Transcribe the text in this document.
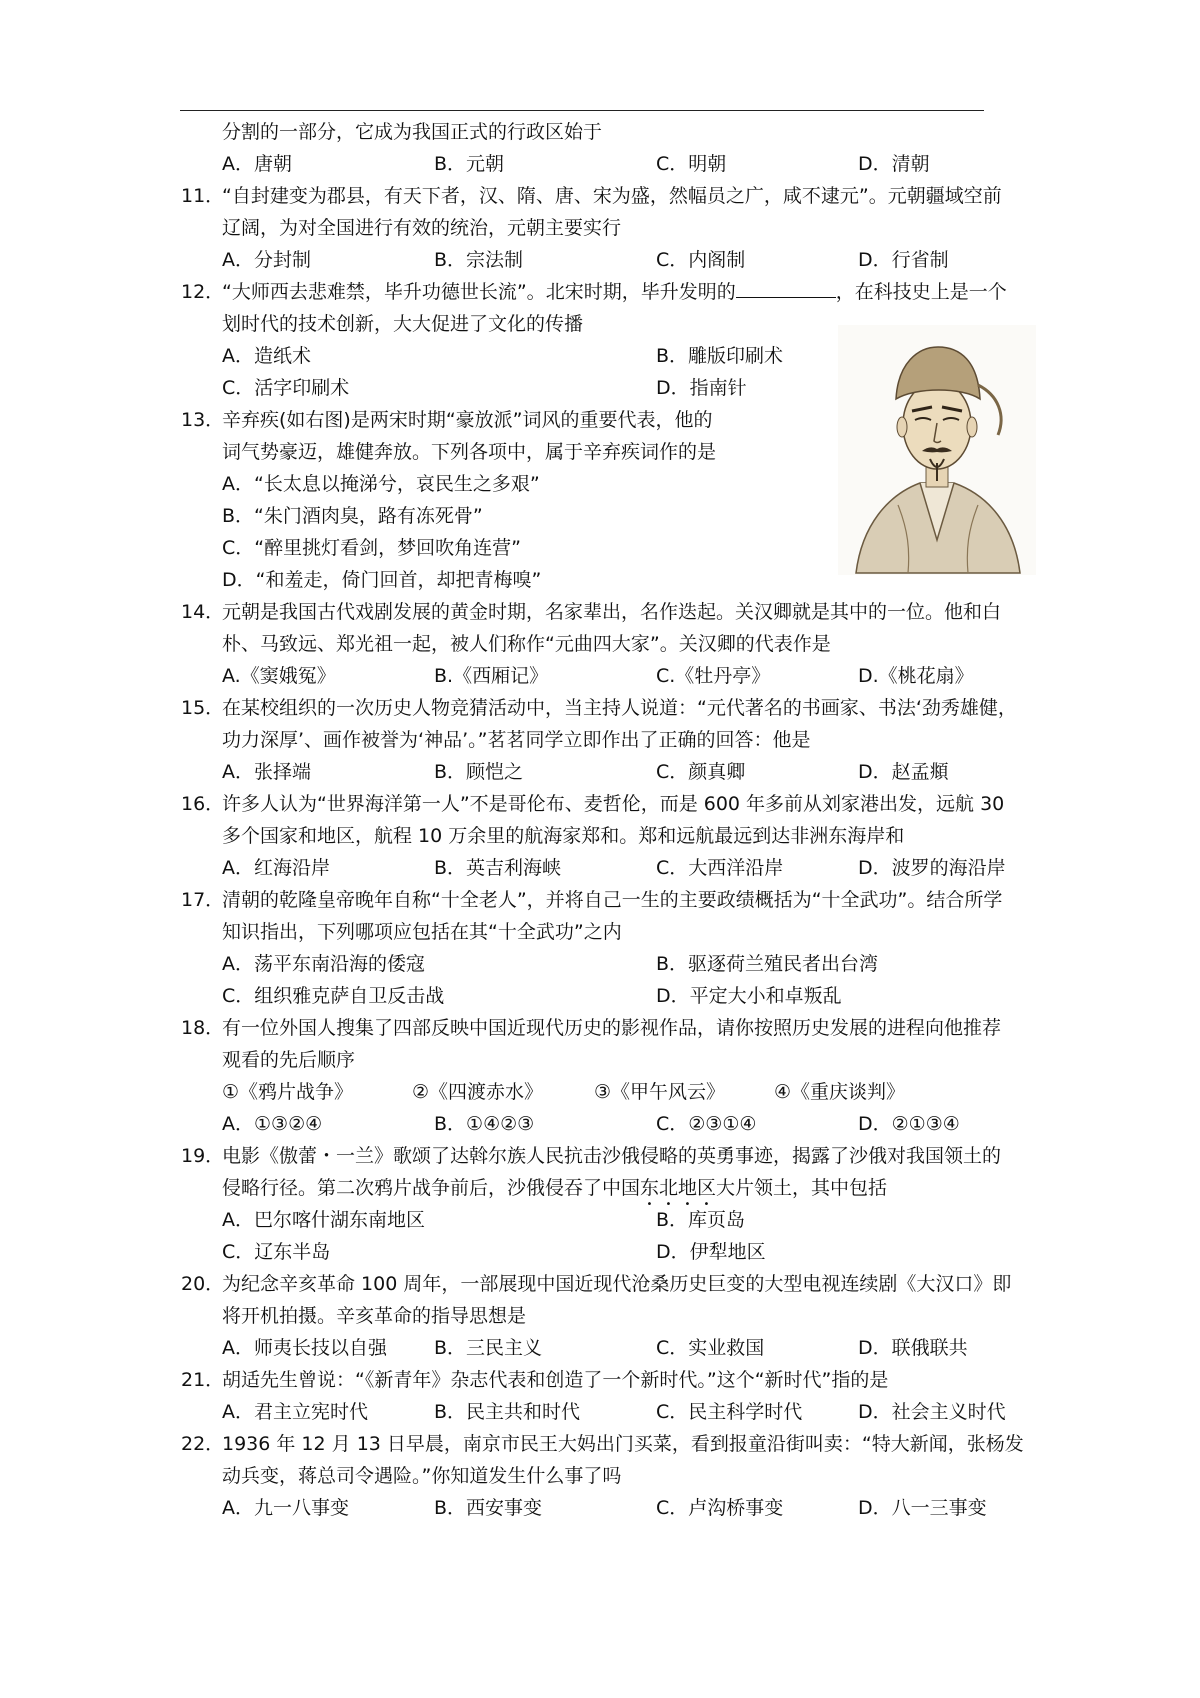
分割的一部分，它成为我国正式的行政区始于
A．唐朝	B．元朝	C．明朝	D．清朝
11．
“自封建变为郡县，有天下者，汉、隋、唐、宋为盛，然幅员之广，咸不逮元”。元朝疆域空前
辽阔，为对全国进行有效的统治，元朝主要实行
A．分封制	B．宗法制	C．内阁制	D．行省制
12．
“大师西去悲难禁，毕升功德世长流”。北宋时期，毕升发明的	，在科技史上是一个
划时代的技术创新，大大促进了文化的传播
A．造纸术	B．雕版印刷术
C．活字印刷术	D．指南针
13．
辛弃疾(如右图)是两宋时期“豪放派”词风的重要代表，他的
词气势豪迈，雄健奔放。下列各项中，属于辛弃疾词作的是
A．“长太息以掩涕兮，哀民生之多艰”
B．“朱门酒肉臭，路有冻死骨”
C．“醉里挑灯看剑，梦回吹角连营”
D．“和羞走，倚门回首，却把青梅嗅”
14．
元朝是我国古代戏剧发展的黄金时期，名家辈出，名作迭起。关汉卿就是其中的一位。他和白
朴、马致远、郑光祖一起，被人们称作“元曲四大家”。关汉卿的代表作是
A.《窦娥冤》	B.《西厢记》	C.《牡丹亭》	D.《桃花扇》
15．
在某校组织的一次历史人物竞猜活动中，当主持人说道：“元代著名的书画家、书法‘劲秀雄健，
功力深厚’、画作被誉为‘神品’。”茗茗同学立即作出了正确的回答：他是
A．张择端	B．顾恺之	C．颜真卿	D．赵孟頫
16．
许多人认为“世界海洋第一人”不是哥伦布、麦哲伦，而是 600 年多前从刘家港出发，远航 30
多个国家和地区，航程 10 万余里的航海家郑和。郑和远航最远到达非洲东海岸和
A．红海沿岸	B．英吉利海峡	C．大西洋沿岸	D．波罗的海沿岸
17．
清朝的乾隆皇帝晚年自称“十全老人”，并将自己一生的主要政绩概括为“十全武功”。结合所学
知识指出，下列哪项应包括在其“十全武功”之内
A．荡平东南沿海的倭寇	B．驱逐荷兰殖民者出台湾
C．组织雅克萨自卫反击战	D．平定大小和卓叛乱
18．
有一位外国人搜集了四部反映中国近现代历史的影视作品，请你按照历史发展的进程向他推荐
观看的先后顺序
①《鸦片战争》	②《四渡赤水》	③《甲午风云》	④《重庆谈判》
A．①③②④	B．①④②③	C．②③①④	D．②①③④
19．
电影《傲蕾・一兰》歌颂了达斡尔族人民抗击沙俄侵略的英勇事迹，揭露了沙俄对我国领土的
侵略行径。第二次鸦片战争前后，沙俄侵吞了中国东北地区大片领土，其中包括
A．巴尔喀什湖东南地区	B．库页岛
C．辽东半岛	D．伊犁地区
20．
为纪念辛亥革命 100 周年，一部展现中国近现代沧桑历史巨变的大型电视连续剧《大汉口》即
将开机拍摄。辛亥革命的指导思想是
A．师夷长技以自强 B．三民主义	C．实业救国	D．联俄联共
21．
胡适先生曾说：“《新青年》杂志代表和创造了一个新时代。”这个“新时代”指的是
A．君主立宪时代	B．民主共和时代	C．民主科学时代	D．社会主义时代
22．
1936 年 12 月 13 日早晨，南京市民王大妈出门买菜，看到报童沿街叫卖：“特大新闻，张杨发
动兵变，蒋总司令遇险。”你知道发生什么事了吗
A．九一八事变	B．西安事变	C．卢沟桥事变	D．八一三事变
